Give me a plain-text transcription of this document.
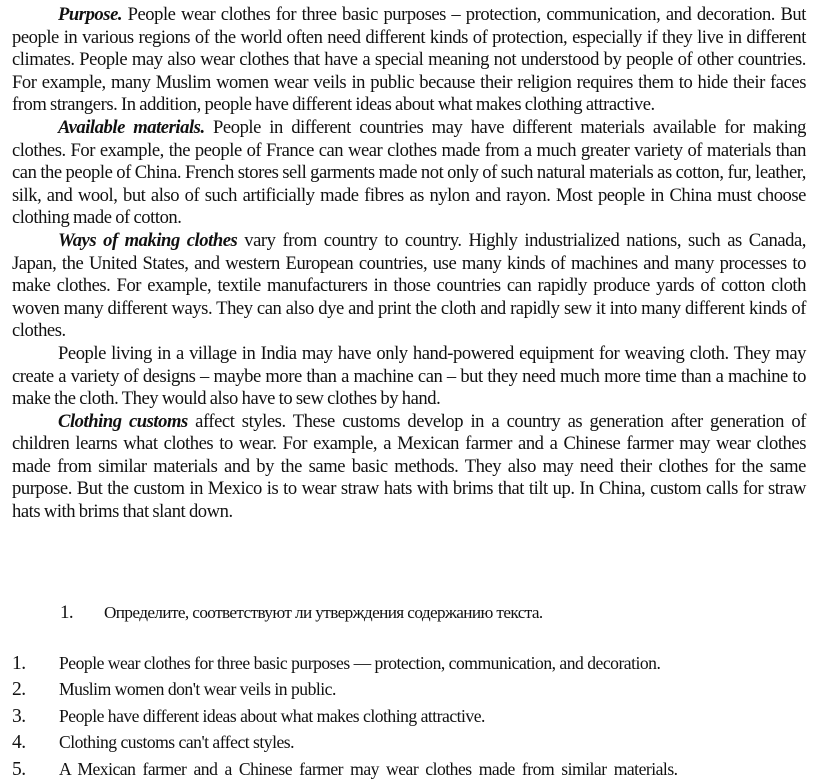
Purpose. People wear clothes for three basic purposes – protection, communication, and decoration. But people in various regions of the world often need different kinds of protection, especially if they live in different climates. People may also wear clothes that have a special meaning not understood by people of other countries. For example, many Muslim women wear veils in public because their religion requires them to hide their faces from strangers. In addition, people have different ideas about what makes clothing attractive.

Available materials. People in different countries may have different materials available for making clothes. For example, the people of France can wear clothes made from a much greater variety of materials than can the people of China. French stores sell garments made not only of such natural materials as cotton, fur, leather, silk, and wool, but also of such artificially made fibres as nylon and rayon. Most people in China must choose clothing made of cotton.

Ways of making clothes vary from country to country. Highly industrialized nations, such as Canada, Japan, the United States, and western European countries, use many kinds of machines and many processes to make clothes. For example, textile manufacturers in those countries can rapidly produce yards of cotton cloth woven many different ways. They can also dye and print the cloth and rapidly sew it into many different kinds of clothes.

People living in a village in India may have only hand-powered equipment for weaving cloth. They may create a variety of designs – maybe more than a machine can – but they need much more time than a machine to make the cloth. They would also have to sew clothes by hand.

Clothing customs affect styles. These customs develop in a country as generation after generation of children learns what clothes to wear. For example, a Mexican farmer and a Chinese farmer may wear clothes made from similar materials and by the same basic methods. They also may need their clothes for the same purpose. But the custom in Mexico is to wear straw hats with brims that tilt up. In China, custom calls for straw hats with brims that slant down.

1. Определите, соответствуют ли утверждения содержанию текста.
1. People wear clothes for three basic purposes — protection, communication, and decoration.
2. Muslim women don't wear veils in public.
3. People have different ideas about what makes clothing attractive.
4. Clothing customs can't affect styles.
5. A Mexican farmer and a Chinese farmer may wear clothes made from similar materials.
